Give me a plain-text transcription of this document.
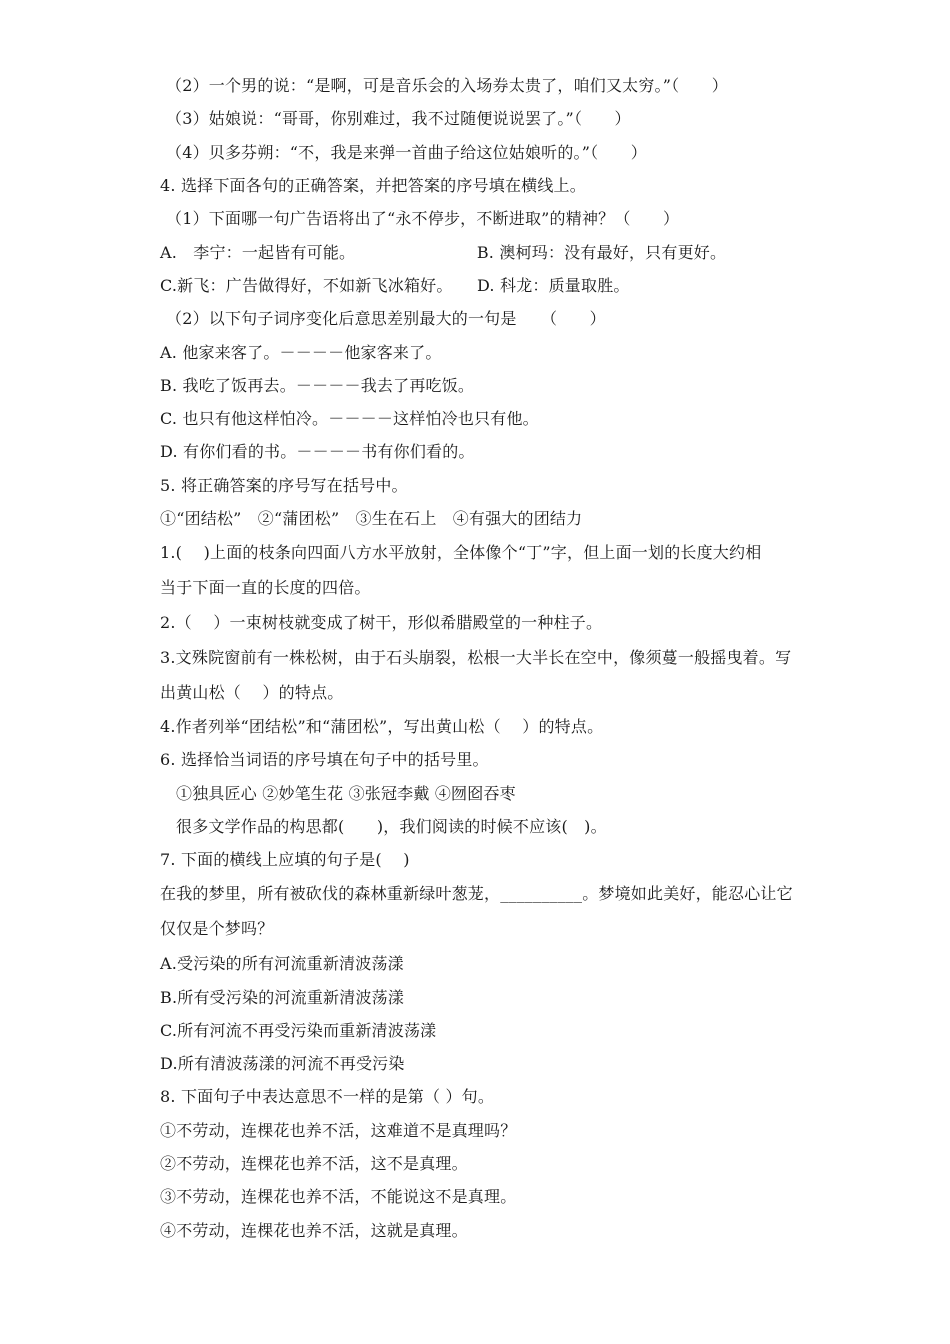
（2）一个男的说：“是啊，可是音乐会的入场券太贵了，咱们又太穷。”（　　）
（3）姑娘说：“哥哥，你别难过，我不过随便说说罢了。”（　　）
（4）贝多芬朔：“不，我是来弹一首曲子给这位姑娘听的。”（　　）
4. 选择下面各句的正确答案，并把答案的序号填在横线上。
（1）下面哪一句广告语将出了“永不停步，不断进取”的精神？（　　）
A.　李宁：一起皆有可能。　　　　　　　　B. 澳柯玛：没有最好，只有更好。
C.新飞：广告做得好，不如新飞冰箱好。　　D. 科龙：质量取胜。
（2）以下句子词序变化后意思差别最大的一句是　　（　　）
A. 他家来客了。－－－－他家客来了。
B. 我吃了饭再去。－－－－我去了再吃饭。
C. 也只有他这样怕冷。－－－－这样怕冷也只有他。
D. 有你们看的书。－－－－书有你们看的。
5. 将正确答案的序号写在括号中。
①“团结松”　②“蒲团松”　③生在石上　④有强大的团结力
1.(　 )上面的枝条向四面八方水平放射，全体像个“丁”字，但上面一划的长度大约相
当于下面一直的长度的四倍。
2.（　 ）一束树枝就变成了树干，形似希腊殿堂的一种柱子。
3.文殊院窗前有一株松树，由于石头崩裂，松根一大半长在空中，像须蔓一般摇曳着。写
出黄山松（　 ）的特点。
4.作者列举“团结松”和“蒲团松”，写出黄山松（　 ）的特点。
6. 选择恰当词语的序号填在句子中的括号里。
①独具匠心 ②妙笔生花 ③张冠李戴 ④囫囵吞枣
很多文学作品的构思都(　　)，我们阅读的时候不应该(　)。
7. 下面的横线上应填的句子是(　 )
在我的梦里，所有被砍伐的森林重新绿叶葱茏，__________。梦境如此美好，能忍心让它
仅仅是个梦吗？
A.受污染的所有河流重新清波荡漾
B.所有受污染的河流重新清波荡漾
C.所有河流不再受污染而重新清波荡漾
D.所有清波荡漾的河流不再受污染
8. 下面句子中表达意思不一样的是第（ ）句。
①不劳动，连棵花也养不活，这难道不是真理吗？
②不劳动，连棵花也养不活，这不是真理。
③不劳动，连棵花也养不活，不能说这不是真理。
④不劳动，连棵花也养不活，这就是真理。
